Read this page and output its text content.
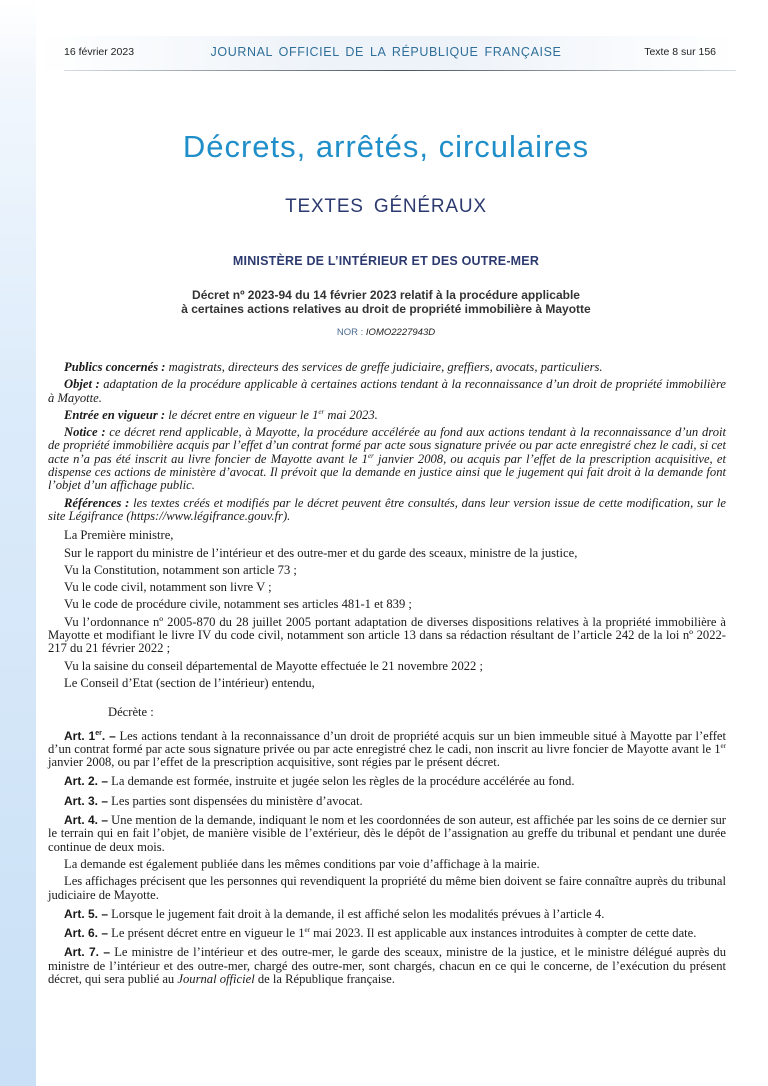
16 février 2023	JOURNAL OFFICIEL DE LA RÉPUBLIQUE FRANÇAISE	Texte 8 sur 156
Décrets, arrêtés, circulaires
TEXTES GÉNÉRAUX
MINISTÈRE DE L’INTÉRIEUR ET DES OUTRE-MER
Décret nº 2023-94 du 14 février 2023 relatif à la procédure applicable
à certaines actions relatives au droit de propriété immobilière à Mayotte
NOR : IOMO2227943D

Publics concernés : magistrats, directeurs des services de greffe judiciaire, greffiers, avocats, particuliers.

Objet : adaptation de la procédure applicable à certaines actions tendant à la reconnaissance d’un droit de propriété immobilière à Mayotte.

Entrée en vigueur : le décret entre en vigueur le 1er mai 2023.

Notice : ce décret rend applicable, à Mayotte, la procédure accélérée au fond aux actions tendant à la reconnaissance d’un droit de propriété immobilière acquis par l’effet d’un contrat formé par acte sous signature privée ou par acte enregistré chez le cadi, si cet acte n’a pas été inscrit au livre foncier de Mayotte avant le 1er janvier 2008, ou acquis par l’effet de la prescription acquisitive, et dispense ces actions de ministère d’avocat. Il prévoit que la demande en justice ainsi que le jugement qui fait droit à la demande font l’objet d’un affichage public.

Références : les textes créés et modifiés par le décret peuvent être consultés, dans leur version issue de cette modification, sur le site Légifrance (https://www.légifrance.gouv.fr).

La Première ministre,

Sur le rapport du ministre de l’intérieur et des outre-mer et du garde des sceaux, ministre de la justice,

Vu la Constitution, notamment son article 73 ;

Vu le code civil, notamment son livre V ;

Vu le code de procédure civile, notamment ses articles 481-1 et 839 ;

Vu l’ordonnance nº 2005-870 du 28 juillet 2005 portant adaptation de diverses dispositions relatives à la propriété immobilière à Mayotte et modifiant le livre IV du code civil, notamment son article 13 dans sa rédaction résultant de l’article 242 de la loi nº 2022-217 du 21 février 2022 ;

Vu la saisine du conseil départemental de Mayotte effectuée le 21 novembre 2022 ;

Le Conseil d’Etat (section de l’intérieur) entendu,

Décrète :

Art. 1er. – Les actions tendant à la reconnaissance d’un droit de propriété acquis sur un bien immeuble situé à Mayotte par l’effet d’un contrat formé par acte sous signature privée ou par acte enregistré chez le cadi, non inscrit au livre foncier de Mayotte avant le 1er janvier 2008, ou par l’effet de la prescription acquisitive, sont régies par le présent décret.

Art. 2. – La demande est formée, instruite et jugée selon les règles de la procédure accélérée au fond.

Art. 3. – Les parties sont dispensées du ministère d’avocat.

Art. 4. – Une mention de la demande, indiquant le nom et les coordonnées de son auteur, est affichée par les soins de ce dernier sur le terrain qui en fait l’objet, de manière visible de l’extérieur, dès le dépôt de l’assignation au greffe du tribunal et pendant une durée continue de deux mois.

La demande est également publiée dans les mêmes conditions par voie d’affichage à la mairie.

Les affichages précisent que les personnes qui revendiquent la propriété du même bien doivent se faire connaître auprès du tribunal judiciaire de Mayotte.

Art. 5. – Lorsque le jugement fait droit à la demande, il est affiché selon les modalités prévues à l’article 4.

Art. 6. – Le présent décret entre en vigueur le 1er mai 2023. Il est applicable aux instances introduites à compter de cette date.

Art. 7. – Le ministre de l’intérieur et des outre-mer, le garde des sceaux, ministre de la justice, et le ministre délégué auprès du ministre de l’intérieur et des outre-mer, chargé des outre-mer, sont chargés, chacun en ce qui le concerne, de l’exécution du présent décret, qui sera publié au Journal officiel de la République française.
